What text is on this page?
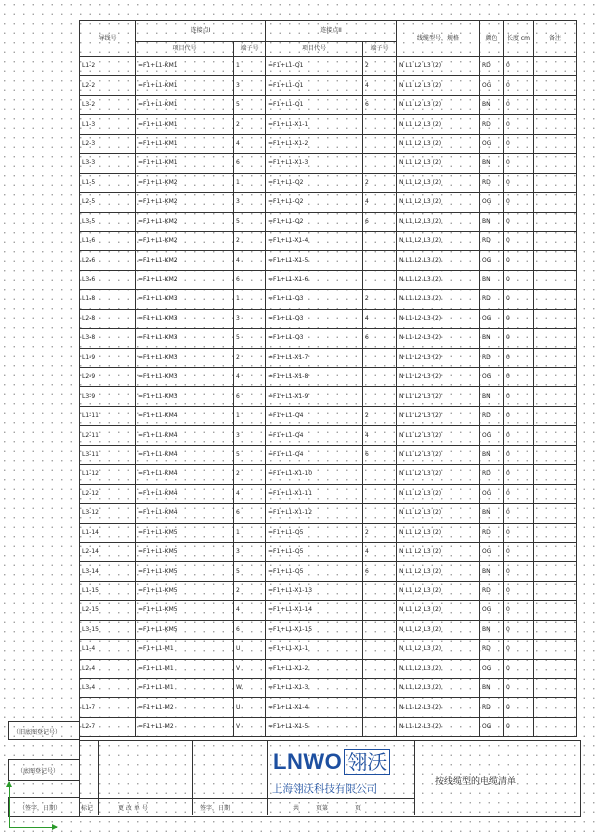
导线号	连接点I		连接点II		线缆型号，规格	颜色	长度 cm	备注
	项目代号	端子号	项目代号	端子号				
L1-2	=F1+L1-KM1	1	=F1+L1-Q1	2	N L1 L2 L3 (2)	RD	0	
L2-2	=F1+L1-KM1	3	=F1+L1-Q1	4	N L1 L2 L3 (2)	OG	0	
L3-2	=F1+L1-KM1	5	=F1+L1-Q1	6	N L1 L2 L3 (2)	BN	0	
L1-3	=F1+L1-KM1	2	=F1+L1-X1-1		N L1 L2 L3 (2)	RD	0	
L2-3	=F1+L1-KM1	4	=F1+L1-X1-2		N L1 L2 L3 (2)	OG	0	
L3-3	=F1+L1-KM1	6	=F1+L1-X1-3		N L1 L2 L3 (2)	BN	0	
L1-5	=F1+L1-KM2	1	=F1+L1-Q2	2	N L1 L2 L3 (2)	RD	0	
L2-5	=F1+L1-KM2	3	=F1+L1-Q2	4	N L1 L2 L3 (2)	OG	0	
L3-5	=F1+L1-KM2	5	=F1+L1-Q2	6	N L1 L2 L3 (2)	BN	0	
L1-6	=F1+L1-KM2	2	=F1+L1-X1-4		N L1 L2 L3 (2)	RD	0	
L2-6	=F1+L1-KM2	4	=F1+L1-X1-5		N L1 L2 L3 (2)	OG	0	
L3-6	=F1+L1-KM2	6	=F1+L1-X1-6		N L1 L2 L3 (2)	BN	0	
L1-8	=F1+L1-KM3	1	=F1+L1-Q3	2	N L1 L2 L3 (2)	RD	0	
L2-8	=F1+L1-KM3	3	=F1+L1-Q3	4	N L1 L2 L3 (2)	OG	0	
L3-8	=F1+L1-KM3	5	=F1+L1-Q3	6	N L1 L2 L3 (2)	BN	0	
L1-9	=F1+L1-KM3	2	=F1+L1-X1-7		N L1 L2 L3 (2)	RD	0	
L2-9	=F1+L1-KM3	4	=F1+L1-X1-8		N L1 L2 L3 (2)	OG	0	
L3-9	=F1+L1-KM3	6	=F1+L1-X1-9		N L1 L2 L3 (2)	BN	0	
L1-11	=F1+L1-KM4	1	=F1+L1-Q4	2	N L1 L2 L3 (2)	RD	0	
L2-11	=F1+L1-KM4	3	=F1+L1-Q4	4	N L1 L2 L3 (2)	OG	0	
L3-11	=F1+L1-KM4	5	=F1+L1-Q4	6	N L1 L2 L3 (2)	BN	0	
L1-12	=F1+L1-KM4	2	=F1+L1-X1-10		N L1 L2 L3 (2)	RD	0	
L2-12	=F1+L1-KM4	4	=F1+L1-X1-11		N L1 L2 L3 (2)	OG	0	
L3-12	=F1+L1-KM4	6	=F1+L1-X1-12		N L1 L2 L3 (2)	BN	0	
L1-14	=F1+L1-KM5	1	=F1+L1-Q5	2	N L1 L2 L3 (2)	RD	0	
L2-14	=F1+L1-KM5	3	=F1+L1-Q5	4	N L1 L2 L3 (2)	OG	0	
L3-14	=F1+L1-KM5	5	=F1+L1-Q5	6	N L1 L2 L3 (2)	BN	0	
L1-15	=F1+L1-KM5	2	=F1+L1-X1-13		N L1 L2 L3 (2)	RD	0	
L2-15	=F1+L1-KM5	4	=F1+L1-X1-14		N L1 L2 L3 (2)	OG	0	
L3-15	=F1+L1-KM5	6	=F1+L1-X1-15		N L1 L2 L3 (2)	BN	0	
L1-4	=F1+L1-M1	U	=F1+L1-X1-1		N L1 L2 L3 (2)	RD	0	
L2-4	=F1+L1-M1	V	=F1+L1-X1-2		N L1 L2 L3 (2)	OG	0	
L3-4	=F1+L1-M1	W	=F1+L1-X1-3		N L1 L2 L3 (2)	BN	0	
L1-7	=F1+L1-M2	U	=F1+L1-X1-4		N L1 L2 L3 (2)	RD	0	
L2-7	=F1+L1-M2	V	=F1+L1-X1-5		N L1 L2 L3 (2)	OG	0	
（旧底图登记号）
（底图登记号）
（签字，日期）	标记	更 改 单 号	签字，日期	共	页第	页
LNWO 翎沃
上海翎沃科技有限公司
按线缆型的电缆清单
